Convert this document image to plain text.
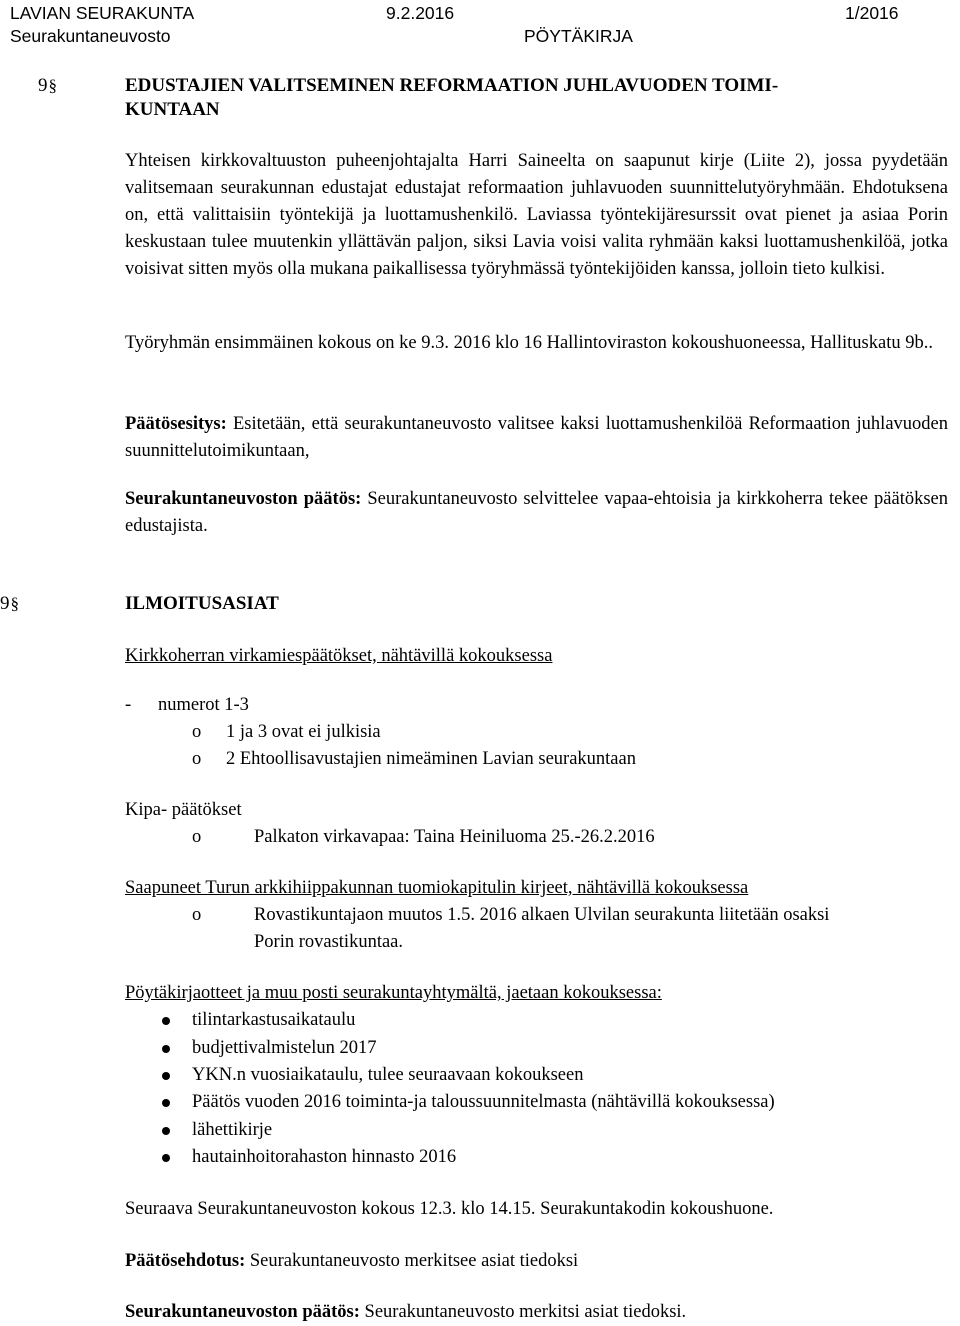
LAVIAN SEURAKUNTA	9.2.2016	1/2016
Seurakuntaneuvosto	PÖYTÄKIRJA
9§	EDUSTAJIEN VALITSEMINEN REFORMAATION JUHLAVUODEN TOIMI-
KUNTAAN
Yhteisen kirkkovaltuuston puheenjohtajalta Harri Saineelta on saapunut kirje (Liite 2), jossa pyydetään valitsemaan seurakunnan edustajat edustajat reformaation juhlavuoden suunnittelutyöryhmään. Ehdotuksena on, että valittaisiin työntekijä ja luottamushenkilö. Laviassa työntekijäresurssit ovat pienet ja asiaa Porin keskustaan tulee muutenkin yllättävän paljon, siksi Lavia voisi valita ryhmään kaksi luottamushenkilöä, jotka voisivat sitten myös olla mukana paikallisessa työryhmässä työntekijöiden kanssa, jolloin tieto kulkisi.
Työryhmän ensimmäinen kokous on ke 9.3. 2016 klo 16 Hallintoviraston kokoushuoneessa, Hallituskatu 9b..
Päätösesitys: Esitetään, että seurakuntaneuvosto valitsee kaksi luottamushenkilöä Reformaation juhlavuoden suunnittelutoimikuntaan,
Seurakuntaneuvoston päätös: Seurakuntaneuvosto selvittelee vapaa-ehtoisia ja kirkkoherra tekee päätöksen edustajista.
9§	ILMOITUSASIAT
Kirkkoherran virkamiespäätökset, nähtävillä kokouksessa
- numerot 1-3
o 1 ja 3 ovat ei julkisia
o 2 Ehtoollisavustajien nimeäminen Lavian seurakuntaan
Kipa- päätökset
o	Palkaton virkavapaa: Taina Heiniluoma 25.-26.2.2016
Saapuneet Turun arkkihiippakunnan tuomiokapitulin kirjeet, nähtävillä kokouksessa
o	Rovastikuntajaon muutos 1.5. 2016 alkaen Ulvilan seurakunta liitetään osaksi
Porin rovastikuntaa.
Pöytäkirjaotteet ja muu posti seurakuntayhtymältä, jaetaan kokouksessa:
tilintarkastusaikataulu
budjettivalmistelun 2017
YKN.n vuosiaikataulu, tulee seuraavaan kokoukseen
Päätös vuoden 2016 toiminta-ja taloussuunnitelmasta (nähtävillä kokouksessa)
lähettikirje
hautainhoitorahaston hinnasto 2016
Seuraava Seurakuntaneuvoston kokous 12.3. klo 14.15. Seurakuntakodin kokoushuone.
Päätösehdotus: Seurakuntaneuvosto merkitsee asiat tiedoksi
Seurakuntaneuvoston päätös: Seurakuntaneuvosto merkitsi asiat tiedoksi.
